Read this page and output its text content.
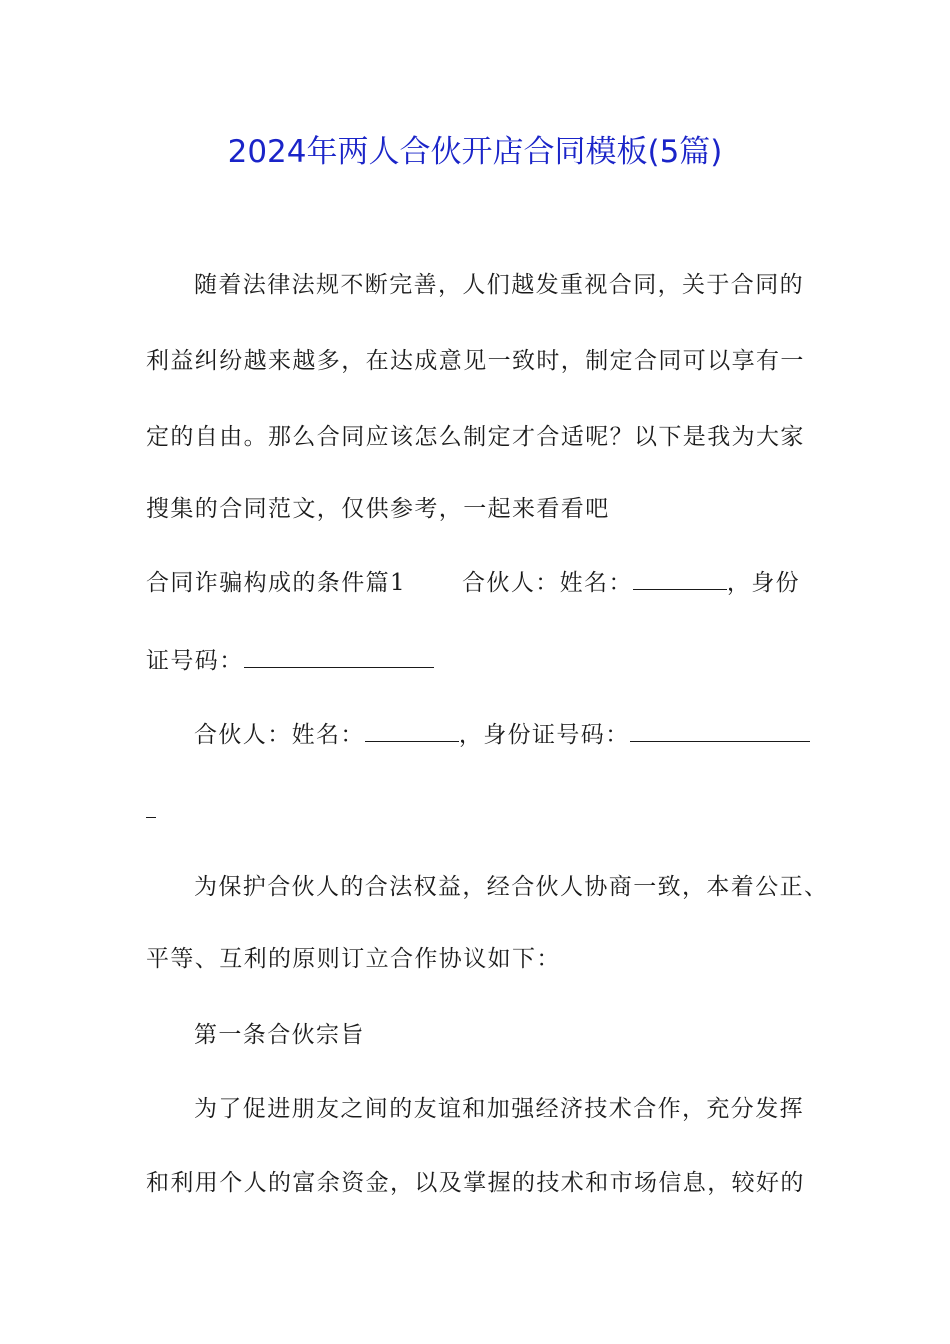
2024年两人合伙开店合同模板(5篇)
随着法律法规不断完善，人们越发重视合同，关于合同的
利益纠纷越来越多，在达成意见一致时，制定合同可以享有一
定的自由。那么合同应该怎么制定才合适呢？以下是我为大家
搜集的合同范文，仅供参考，一起来看看吧
合同诈骗构成的条件篇1 合伙人：姓名：	，身份
证号码：
合伙人：姓名：	，身份证号码：
为保护合伙人的合法权益，经合伙人协商一致，本着公正、
平等、互利的原则订立合作协议如下：
第一条合伙宗旨
为了促进朋友之间的友谊和加强经济技术合作，充分发挥
和利用个人的富余资金，以及掌握的技术和市场信息，较好的
